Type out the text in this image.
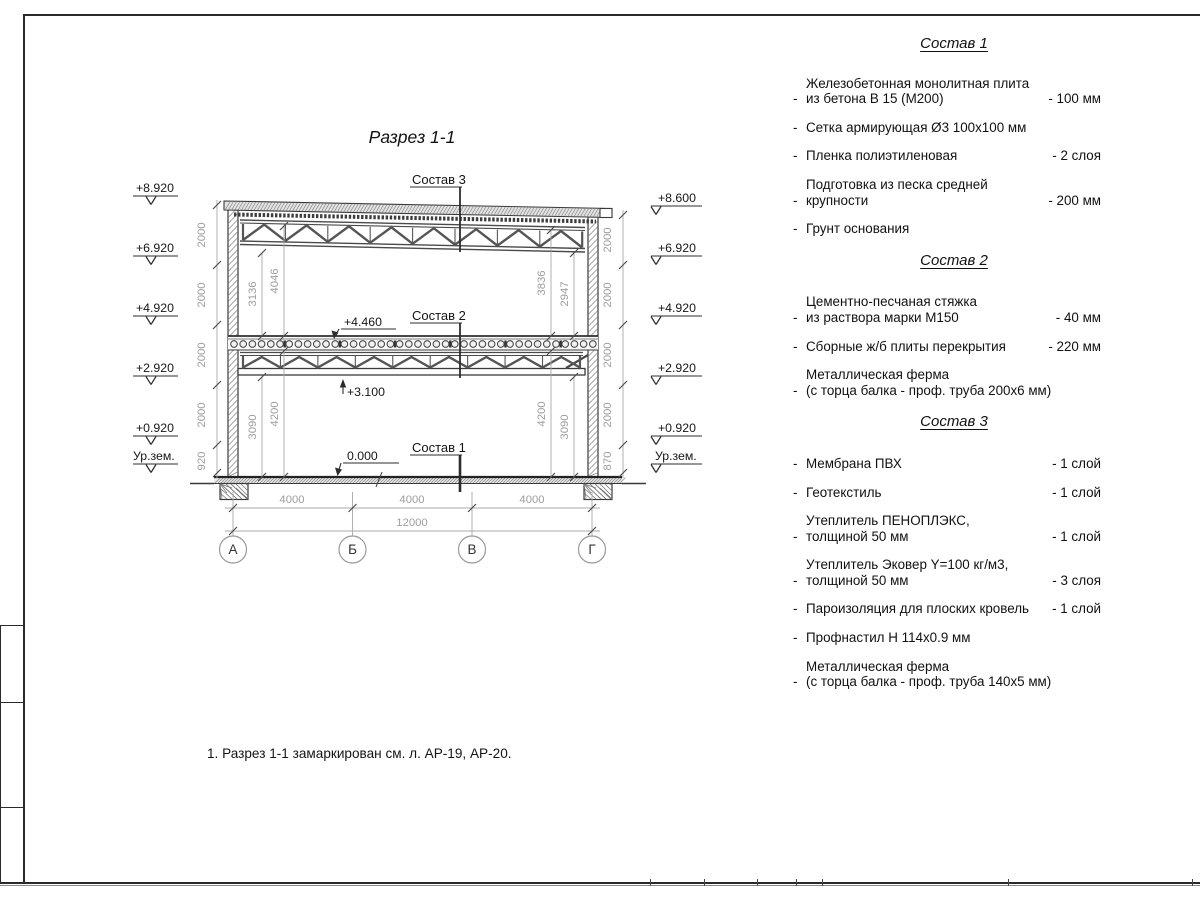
А	Б	В	Г
4000	4000	4000
12000
2000
2000
2000
2000
920
2000
2000
2000
2000
870
3136
4046	3836 2947
3090
4200	4200
3090
+8.920
+6.920
+4.920
+2.920
+0.920
Ур.зем.
+8.600
+6.920
+4.920
+2.920
+0.920
Ур.зем.
Состав 3
Состав 2
Состав 1
+4.460
+3.100
0.000
Разрез 1-1
1. Разрез 1-1 замаркирован см. л. АР-19, АР-20.
Состав 1
-
Железобетонная монолитная плита
из бетона В 15 (М200)	- 100 мм
- Сетка армирующая Ø3 100х100 мм
- Пленка полиэтиленовая	- 2 слоя
-
Подготовка из песка средней
крупности	- 200 мм
- Грунт основания
Состав 2
-
Цементно-песчаная стяжка
из раствора марки М150	- 40 мм
- Сборные ж/б плиты перекрытия	- 220 мм
-
Металлическая ферма
(с торца балка - проф. труба 200х6 мм)
Состав 3
- Мембрана ПВХ	- 1 слой
- Геотекстиль	- 1 слой
-
Утеплитель ПЕНОПЛЭКС,
толщиной 50 мм	- 1 слой
-
Утеплитель Эковер Y=100 кг/м3,
толщиной 50 мм	- 3 слоя
- Пароизоляция для плоских кровель	- 1 слой
- Профнастил Н 114х0.9 мм
-
Металлическая ферма
(с торца балка - проф. труба 140х5 мм)
